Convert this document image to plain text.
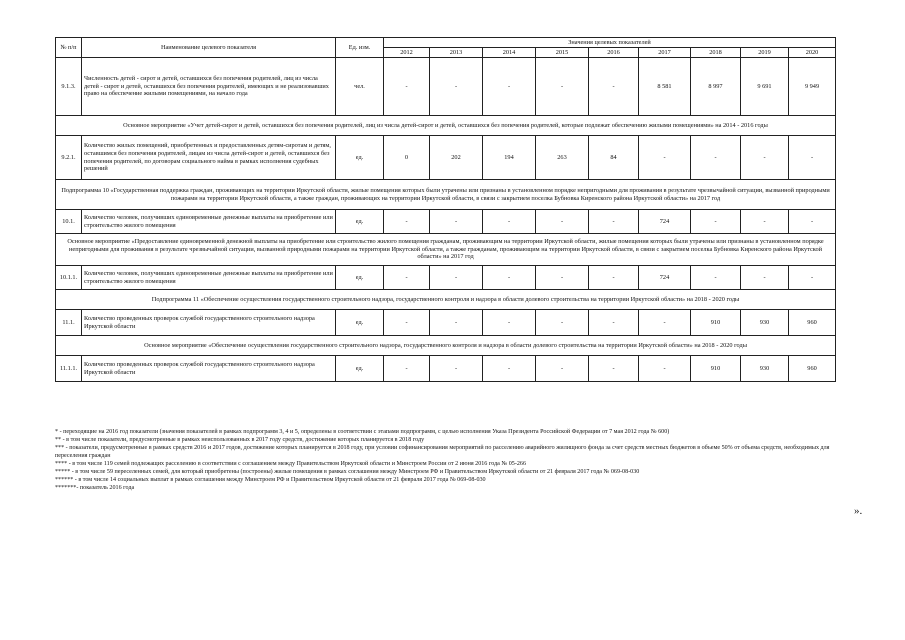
№ п/п	Наименование целевого показателя	Ед. изм.	Значения целевых показателей								
			2012	2013	2014	2015	2016	2017	2018	2019	2020
9.1.3.	Численность детей - сирот и детей, оставшихся без попечения родителей, лиц из числа детей - сирот и детей, оставшихся без попечения родителей, имеющих и не реализовавших право на обеспечение жилыми помещениями, на начало года	чел.	-	-	-	-	-	8 581	8 997	9 691	9 949
Основное мероприятие «Учет детей-сирот и детей, оставшихся без попечения родителей, лиц из числа детей-сирот и детей, оставшихся без попечения родителей, которые подлежат обеспечению жилыми помещениями» на 2014 - 2016 годы											
9.2.1.	Количество жилых помещений, приобретенных и предоставленных детям-сиротам и детям, оставшимся без попечения родителей, лицам из числа детей-сирот и детей, оставшихся без попечения родителей, по договорам социального найма в рамках исполнения судебных решений	ед.	0	202	194	263	84	-	-	-	-
Подпрограмма 10 «Государственная поддержка граждан, проживающих на территории Иркутской области, жилые помещения которых были утрачены или признаны в установленном порядке непригодными для проживания в результате чрезвычайной ситуации, вызванной природными пожарами на территории Иркутской области, а также граждан, проживающих на территории Иркутской области, в связи с закрытием поселка Бубновка Киренского района Иркутской области» на 2017 год											
10.1.	Количество человек, получивших единовременные денежные выплаты на приобретение или строительство жилого помещения	ед.	-	-	-	-	-	724	-	-	-
Основное мероприятие «Предоставление единовременной денежной выплаты на приобретение или строительство жилого помещения гражданам, проживающим на территории Иркутской области, жилые помещения которых были утрачены или признаны в установленном порядке непригодными для проживания в результате чрезвычайной ситуации, вызванной природными пожарами на территории Иркутской области, а также гражданам, проживающим на территории Иркутской области, в связи с закрытием поселка Бубновка Киренского района Иркутской области» на 2017 год											
10.1.1.	Количество человек, получивших единовременные денежные выплаты на приобретение или строительство жилого помещения	ед.	-	-	-	-	-	724	-	-	-
Подпрограмма 11 «Обеспечение осуществления государственного строительного надзора, государственного контроля и надзора в области долевого строительства на территории Иркутской области» на 2018 - 2020 годы											
11.1.	Количество проведенных проверок службой государственного строительного надзора Иркутской области	ед.	-	-	-	-	-	-	910	930	960
Основное мероприятие «Обеспечение осуществления государственного строительного надзора, государственного контроля и надзора в области долевого строительства на территории Иркутской области» на 2018 - 2020 годы											
11.1.1.	Количество проведенных проверок службой государственного строительного надзора Иркутской области	ед.	-	-	-	-	-	-	910	930	960
* - переходящие на 2016 год показатели (значения показателей в рамках подпрограмм 3, 4 и 5, определены в соответствии с этапами подпрограмм, с целью исполнения Указа Президента Российской Федерации от 7 мая 2012 года № 600)
** - в том числе показатели, предусмотренные в рамках неиспользованных в 2017 году средств, достижение которых планируется в 2018 году
*** - показатели, предусмотренные в рамках средств 2016 и 2017 годов, достижение которых планируется в 2018 году, при условии софинансирования мероприятий по расселению аварийного жилищного фонда за счет средств местных бюджетов в объеме 50% от объема средств, необходимых для переселения граждан
**** - в том числе 119 семей подлежащих расселению в соответствии с соглашением между Правительством Иркутской области и Минстроем России от 2 июня 2016 года № 05-266
***** - в том числе 59 переселенных семей, для который приобретены (построены) жилые помещения в рамках соглашения между Минстроем РФ и Правительством Иркутской области от 21 февраля 2017 года № 069-08-030
****** - в том числе 14 социальных выплат в рамках соглашения между Минстроем РФ и Правительством Иркутской области от 21 февраля 2017 года № 069-08-030
*******- показатель 2016 года
».
